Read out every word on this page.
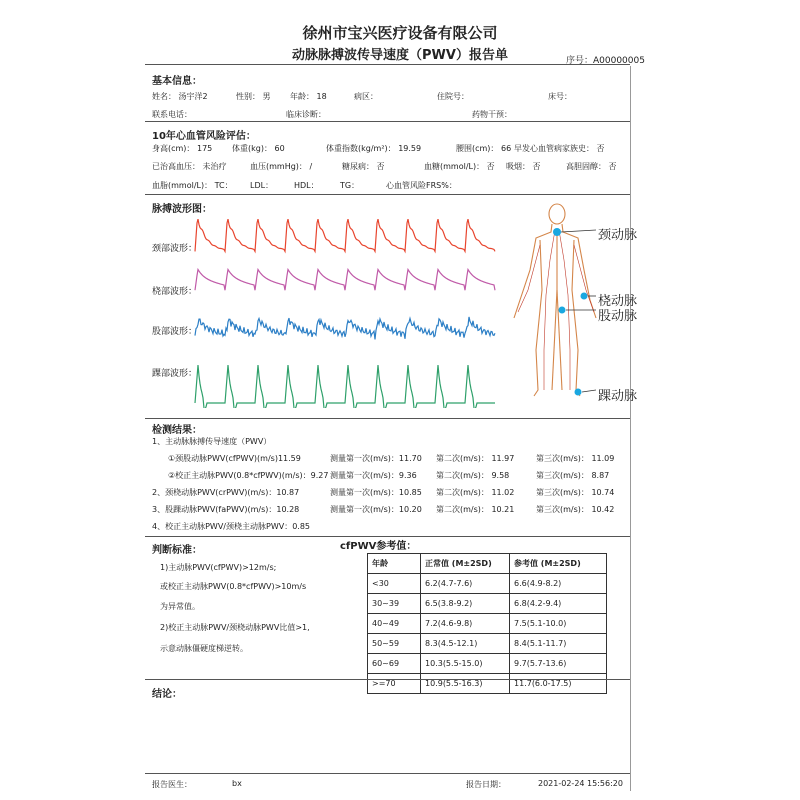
徐州市宝兴医疗设备有限公司
动脉脉搏波传导速度（PWV）报告单	序号：A00000005
基本信息：
姓名： 汤宇洋2	性别： 男 年龄： 18	病区：	住院号：	床号：
联系电话：	临床诊断：	药物干预：
10年心血管风险评估：
身高(cm)： 175 体重(kg)： 60	体重指数(kg/m²)： 19.59	腰围(cm)： 66 早发心血管病家族史： 否
已治高血压： 未治疗	血压(mmHg)： /	糖尿病： 否	血糖(mmol/L)： 否 吸烟： 否	高胆固醇： 否
血脂(mmol/L)： TC： LDL：	HDL：	TG：	心血管风险FRS%：
脉搏波形图：
颈部波形：
桡部波形：
股部波形：
踝部波形：
颈动脉
桡动脉
股动脉
踝动脉
检测结果：
1、主动脉脉搏传导速度（PWV）
①颈股动脉PWV(cfPWV)(m/s)11.59	测量第一次(m/s)：11.70 第二次(m/s)： 11.97	第三次(m/s)： 11.09
②校正主动脉PWV(0.8*cfPWV)(m/s)：9.27 测量第一次(m/s)：9.36 第二次(m/s)： 9.58	第三次(m/s)： 8.87
2、颈桡动脉PWV(crPWV)(m/s)：10.87	测量第一次(m/s)：10.85 第二次(m/s)： 11.02	第三次(m/s)： 10.74
3、股踝动脉PWV(faPWV)(m/s)：10.28	测量第一次(m/s)：10.20 第二次(m/s)： 10.21	第三次(m/s)： 10.42
4、校正主动脉PWV/颈桡主动脉PWV：0.85
判断标准：
1)主动脉PWV(cfPWV)>12m/s;
或校正主动脉PWV(0.8*cfPWV)>10m/s
为异常值。
2)校正主动脉PWV/颈桡动脉PWV比值>1,
示意动脉僵硬度梯逆转。
cfPWV参考值：
年龄	正常值 (M±2SD)	参考值 (M±2SD)
<30	6.2(4.7-7.6)	6.6(4.9-8.2)
30~39	6.5(3.8-9.2)	6.8(4.2-9.4)
40~49	7.2(4.6-9.8)	7.5(5.1-10.0)
50~59	8.3(4.5-12.1)	8.4(5.1-11.7)
60~69	10.3(5.5-15.0)	9.7(5.7-13.6)
>=70	10.9(5.5-16.3)	11.7(6.0-17.5)
结论：
报告医生：	bx	报告日期：	2021-02-24 15:56:20
